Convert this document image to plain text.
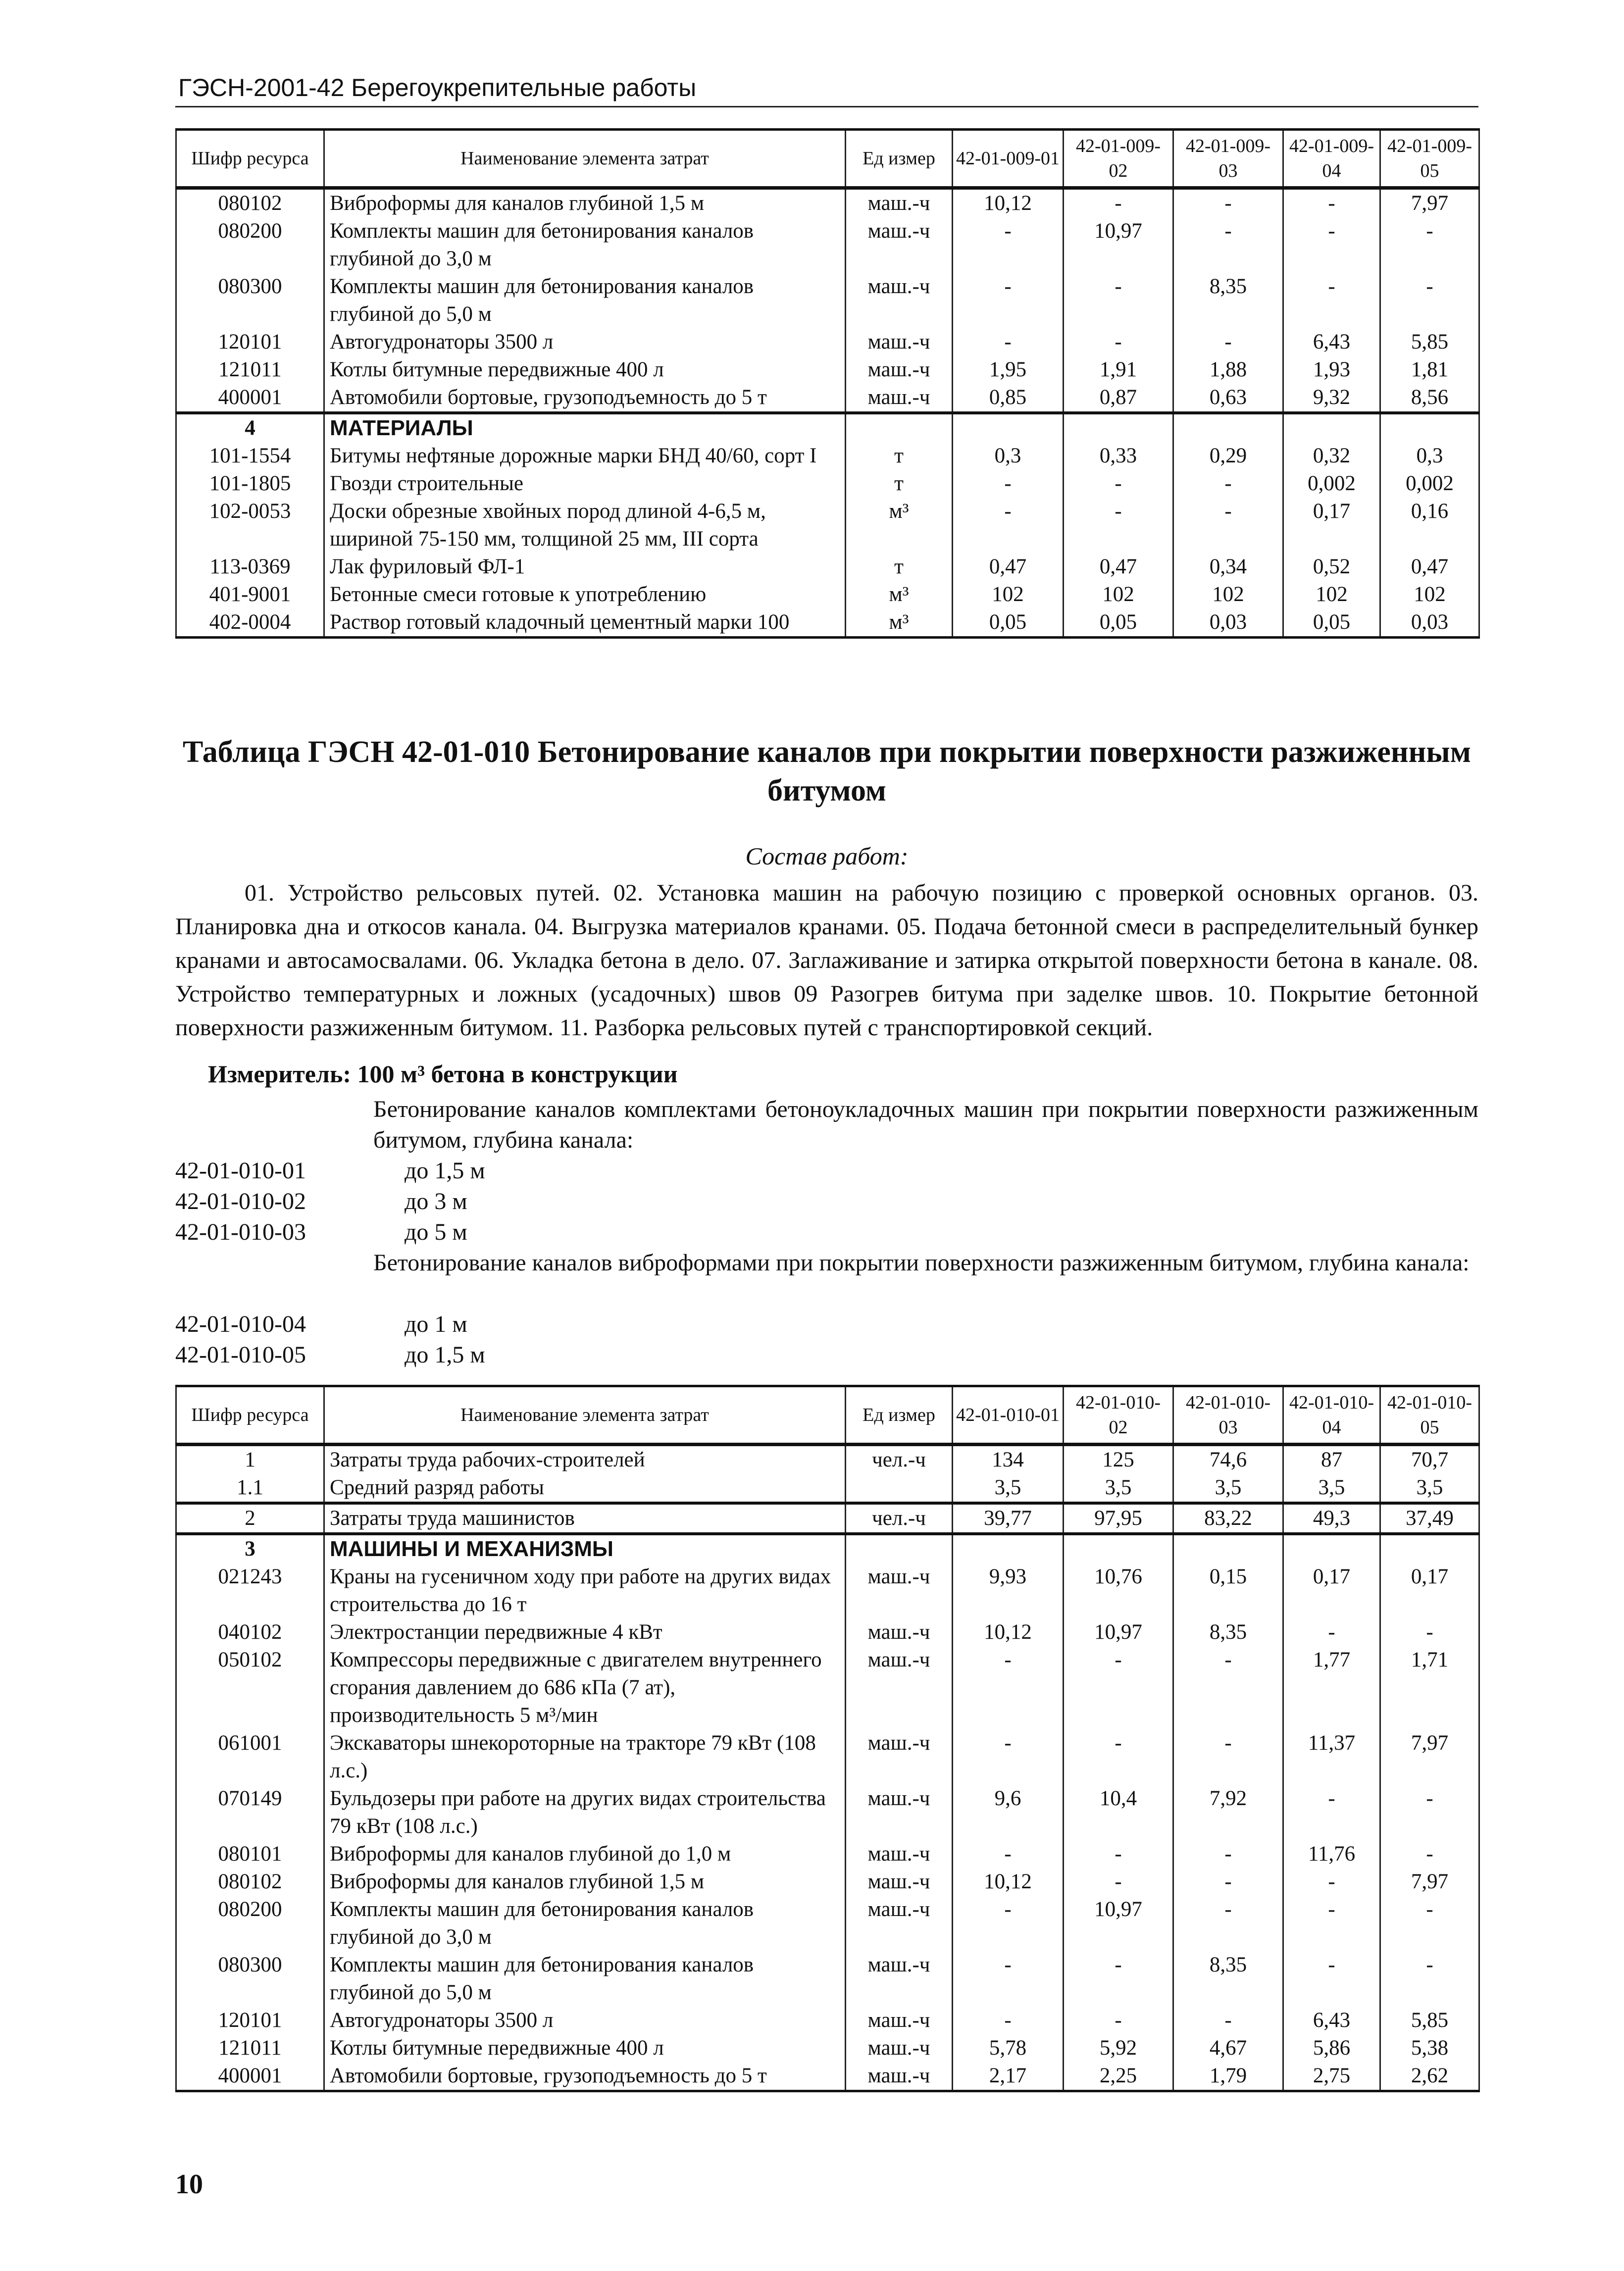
ГЭСН-2001-42 Берегоукрепительные работы
Шифр ресурса	Наименование элемента затрат	Ед измер	42-01-009-01	42-01-009-02	42-01-009-03	42-01-009-04	42-01-009-05
080102	Виброформы для каналов глубиной 1,5 м	маш.-ч	10,12	-	-	-	7,97
080200	Комплекты машин для бетонирования каналов глубиной до 3,0 м	маш.-ч	-	10,97	-	-	-
080300	Комплекты машин для бетонирования каналов глубиной до 5,0 м	маш.-ч	-	-	8,35	-	-
120101	Автогудронаторы 3500 л	маш.-ч	-	-	-	6,43	5,85
121011	Котлы битумные передвижные 400 л	маш.-ч	1,95	1,91	1,88	1,93	1,81
400001	Автомобили бортовые, грузоподъемность до 5 т	маш.-ч	0,85	0,87	0,63	9,32	8,56
4	МАТЕРИАЛЫ						
101-1554	Битумы нефтяные дорожные марки БНД 40/60, сорт I	т	0,3	0,33	0,29	0,32	0,3
101-1805	Гвозди строительные	т	-	-	-	0,002	0,002
102-0053	Доски обрезные хвойных пород длиной 4-6,5 м, шириной 75-150 мм, толщиной 25 мм, III сорта	м³	-	-	-	0,17	0,16
113-0369	Лак фуриловый ФЛ-1	т	0,47	0,47	0,34	0,52	0,47
401-9001	Бетонные смеси готовые к употреблению	м³	102	102	102	102	102
402-0004	Раствор готовый кладочный цементный марки 100	м³	0,05	0,05	0,03	0,05	0,03
Таблица ГЭСН 42-01-010 Бетонирование каналов при покрытии поверхности разжиженным битумом
Состав работ:
01. Устройство рельсовых путей. 02. Установка машин на рабочую позицию с проверкой основных органов. 03. Планировка дна и откосов канала. 04. Выгрузка материалов кранами. 05. Подача бетонной смеси в распределительный бункер кранами и автосамосвалами. 06. Укладка бетона в дело. 07. Заглаживание и затирка открытой поверхности бетона в канале. 08. Устройство температурных и ложных (усадочных) швов 09 Разогрев битума при заделке швов. 10. Покрытие бетонной поверхности разжиженным битумом. 11. Разборка рельсовых путей с транспортировкой секций.
Измеритель: 100 м³ бетона в конструкции
Бетонирование каналов комплектами бетоноукладочных машин при покрытии поверхности разжиженным битумом, глубина канала:
42-01-010-01	до 1,5 м
42-01-010-02	до 3 м
42-01-010-03	до 5 м
Бетонирование каналов виброформами при покрытии поверхности разжиженным битумом, глубина канала:
42-01-010-04	до 1 м
42-01-010-05	до 1,5 м
Шифр ресурса	Наименование элемента затрат	Ед измер	42-01-010-01	42-01-010-02	42-01-010-03	42-01-010-04	42-01-010-05
1	Затраты труда рабочих-строителей	чел.-ч	134	125	74,6	87	70,7
1.1	Средний разряд работы		3,5	3,5	3,5	3,5	3,5
2	Затраты труда машинистов	чел.-ч	39,77	97,95	83,22	49,3	37,49
3	МАШИНЫ И МЕХАНИЗМЫ						
021243	Краны на гусеничном ходу при работе на других видах строительства до 16 т	маш.-ч	9,93	10,76	0,15	0,17	0,17
040102	Электростанции передвижные 4 кВт	маш.-ч	10,12	10,97	8,35	-	-
050102	Компрессоры передвижные с двигателем внутреннего сгорания давлением до 686 кПа (7 ат), производительность 5 м³/мин	маш.-ч	-	-	-	1,77	1,71
061001	Экскаваторы шнекороторные на тракторе 79 кВт (108 л.с.)	маш.-ч	-	-	-	11,37	7,97
070149	Бульдозеры при работе на других видах строительства 79 кВт (108 л.с.)	маш.-ч	9,6	10,4	7,92	-	-
080101	Виброформы для каналов глубиной до 1,0 м	маш.-ч	-	-	-	11,76	-
080102	Виброформы для каналов глубиной 1,5 м	маш.-ч	10,12	-	-	-	7,97
080200	Комплекты машин для бетонирования каналов глубиной до 3,0 м	маш.-ч	-	10,97	-	-	-
080300	Комплекты машин для бетонирования каналов глубиной до 5,0 м	маш.-ч	-	-	8,35	-	-
120101	Автогудронаторы 3500 л	маш.-ч	-	-	-	6,43	5,85
121011	Котлы битумные передвижные 400 л	маш.-ч	5,78	5,92	4,67	5,86	5,38
400001	Автомобили бортовые, грузоподъемность до 5 т	маш.-ч	2,17	2,25	1,79	2,75	2,62
10
